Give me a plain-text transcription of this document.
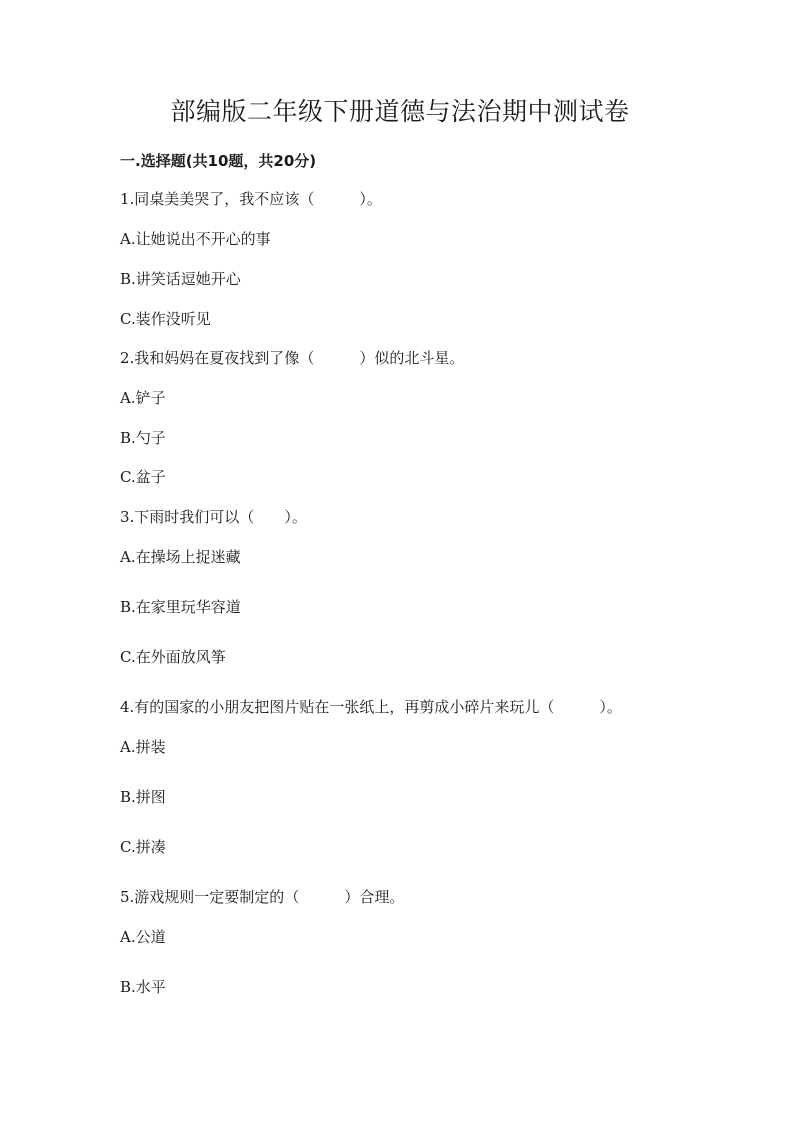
部编版二年级下册道德与法治期中测试卷
一.选择题(共10题，共20分)
1.同桌美美哭了，我不应该（　　　）。
A.让她说出不开心的事
B.讲笑话逗她开心
C.装作没听见
2.我和妈妈在夏夜找到了像（　　　）似的北斗星。
A.铲子
B.勺子
C.盆子
3.下雨时我们可以（　　）。
A.在操场上捉迷藏
B.在家里玩华容道
C.在外面放风筝
4.有的国家的小朋友把图片贴在一张纸上，再剪成小碎片来玩儿（　　　）。
A.拼装
B.拼图
C.拼凑
5.游戏规则一定要制定的（　　　）合理。
A.公道
B.水平
